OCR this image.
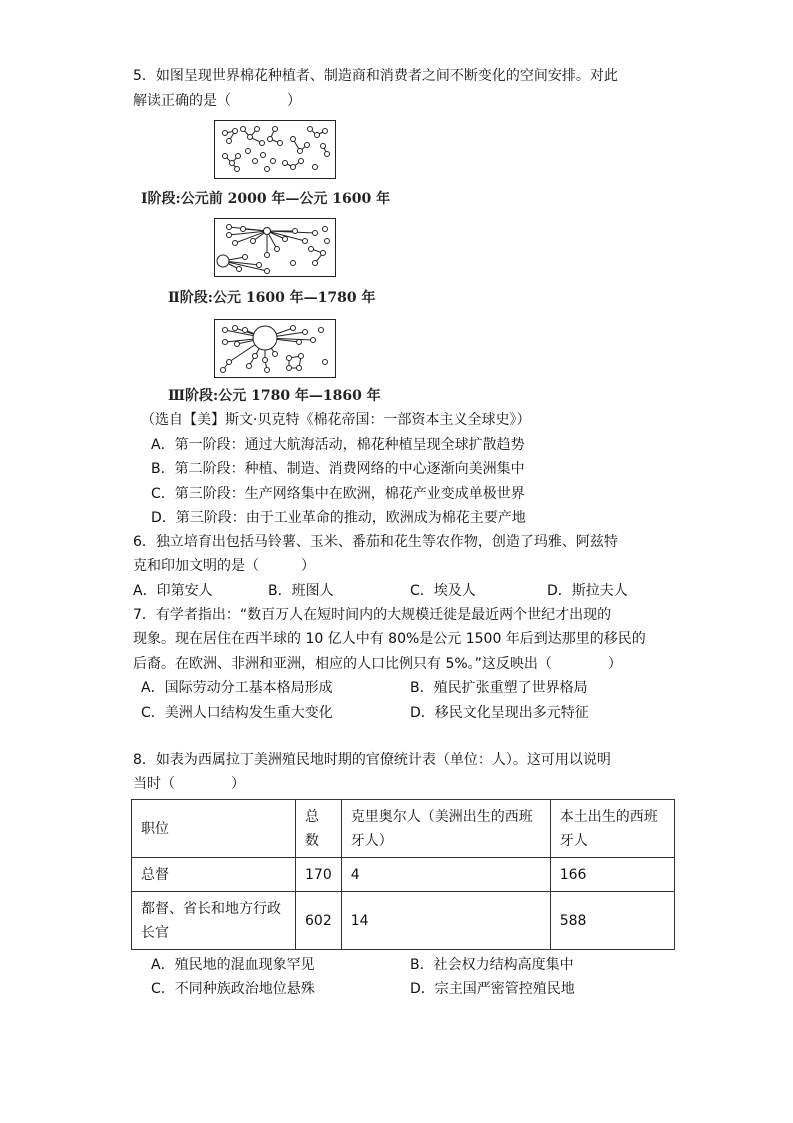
5．如图呈现世界棉花种植者、制造商和消费者之间不断变化的空间安排。对此
解读正确的是（　　　　）
Ⅰ阶段:公元前 2000 年—公元 1600 年
Ⅱ阶段:公元 1600 年—1780 年
Ⅲ阶段:公元 1780 年—1860 年
（选自【美】斯文·贝克特《棉花帝国：一部资本主义全球史》）
A．第一阶段：通过大航海活动，棉花种植呈现全球扩散趋势
B．第二阶段：种植、制造、消费网络的中心逐渐向美洲集中
C．第三阶段：生产网络集中在欧洲，棉花产业变成单极世界
D．第三阶段：由于工业革命的推动，欧洲成为棉花主要产地
6．独立培育出包括马铃薯、玉米、番茄和花生等农作物，创造了玛雅、阿兹特
克和印加文明的是（　　　）
A．印第安人	B．班图人	C．埃及人	D．斯拉夫人
7．有学者指出：“数百万人在短时间内的大规模迁徙是最近两个世纪才出现的
现象。现在居住在西半球的 10 亿人中有 80%是公元 1500 年后到达那里的移民的
后裔。在欧洲、非洲和亚洲，相应的人口比例只有 5%。”这反映出（　　　　）
A．国际劳动分工基本格局形成	B．殖民扩张重塑了世界格局
C．美洲人口结构发生重大变化	D．移民文化呈现出多元特征
8．如表为西属拉丁美洲殖民地时期的官僚统计表（单位：人）。这可用以说明
当时（　　　　）
职位	总数	克里奥尔人（美洲出生的西班牙人）	本土出生的西班牙人
总督	170	4	166
都督、省长和地方行政长官	602	14	588
A．殖民地的混血现象罕见	B．社会权力结构高度集中
C．不同种族政治地位悬殊	D．宗主国严密管控殖民地
